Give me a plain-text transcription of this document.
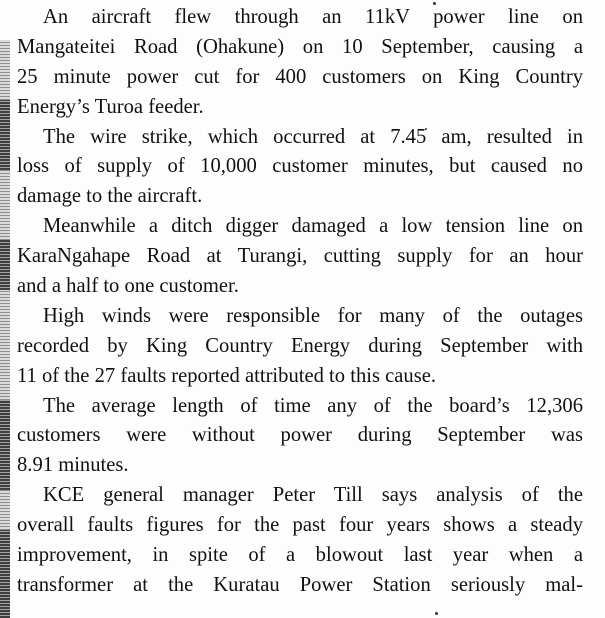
An aircraft flew through an 11kV power line on
Mangateitei Road (Ohakune) on 10 September, causing a
25 minute power cut for 400 customers on King Country
Energy’s Turoa feeder.
The wire strike, which occurred at 7.45 am, resulted in
loss of supply of 10,000 customer minutes, but caused no
damage to the aircraft.
Meanwhile a ditch digger damaged a low tension line on
KaraNgahape Road at Turangi, cutting supply for an hour
and a half to one customer.
High winds were responsible for many of the outages
recorded by King Country Energy during September with
11 of the 27 faults reported attributed to this cause.
The average length of time any of the board’s 12,306
customers were without power during September was
8.91 minutes.
KCE general manager Peter Till says analysis of the
overall faults figures for the past four years shows a steady
improvement, in spite of a blowout last year when a
transformer at the Kuratau Power Station seriously mal-
